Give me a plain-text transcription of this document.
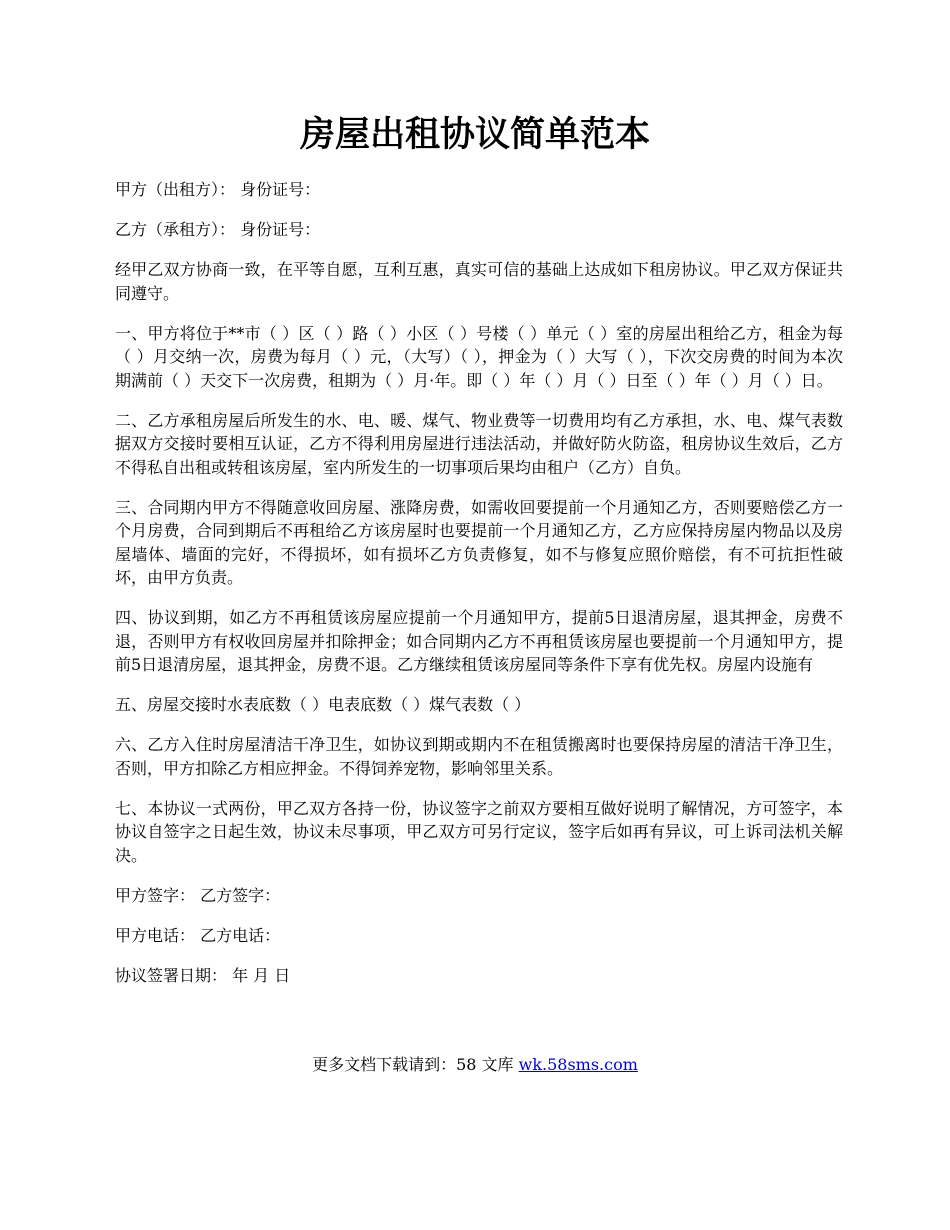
房屋出租协议简单范本

甲方（出租方）： 身份证号：

乙方（承租方）： 身份证号：

经甲乙双方协商一致，在平等自愿，互利互惠，真实可信的基础上达成如下租房协议。甲乙双方保证共同遵守。

一、甲方将位于**市（ ）区（ ）路（ ）小区（ ）号楼（ ）单元（ ）室的房屋出租给乙方，租金为每（ ）月交纳一次，房费为每月（ ）元，（大写）（ ），押金为（ ）大写（ ），下次交房费的时间为本次期满前（ ）天交下一次房费，租期为（ ）月·年。即（ ）年（ ）月（ ）日至（ ）年（ ）月（ ）日。

二、乙方承租房屋后所发生的水、电、暖、煤气、物业费等一切费用均有乙方承担，水、电、煤气表数据双方交接时要相互认证，乙方不得利用房屋进行违法活动，并做好防火防盗，租房协议生效后，乙方不得私自出租或转租该房屋，室内所发生的一切事项后果均由租户（乙方）自负。

三、合同期内甲方不得随意收回房屋、涨降房费，如需收回要提前一个月通知乙方，否则要赔偿乙方一个月房费，合同到期后不再租给乙方该房屋时也要提前一个月通知乙方，乙方应保持房屋内物品以及房屋墙体、墙面的完好，不得损坏，如有损坏乙方负责修复，如不与修复应照价赔偿，有不可抗拒性破坏，由甲方负责。

四、协议到期，如乙方不再租赁该房屋应提前一个月通知甲方，提前5日退清房屋，退其押金，房费不退，否则甲方有权收回房屋并扣除押金；如合同期内乙方不再租赁该房屋也要提前一个月通知甲方，提前5日退清房屋，退其押金，房费不退。乙方继续租赁该房屋同等条件下享有优先权。房屋内设施有

五、房屋交接时水表底数（ ）电表底数（ ）煤气表数（ ）

六、乙方入住时房屋清洁干净卫生，如协议到期或期内不在租赁搬离时也要保持房屋的清洁干净卫生，否则，甲方扣除乙方相应押金。不得饲养宠物，影响邻里关系。

七、本协议一式两份，甲乙双方各持一份，协议签字之前双方要相互做好说明了解情况，方可签字，本协议自签字之日起生效，协议未尽事项，甲乙双方可另行定议，签字后如再有异议，可上诉司法机关解决。

甲方签字： 乙方签字：

甲方电话： 乙方电话：

协议签署日期： 年 月 日

更多文档下载请到：58 文库 wk.58sms.com
